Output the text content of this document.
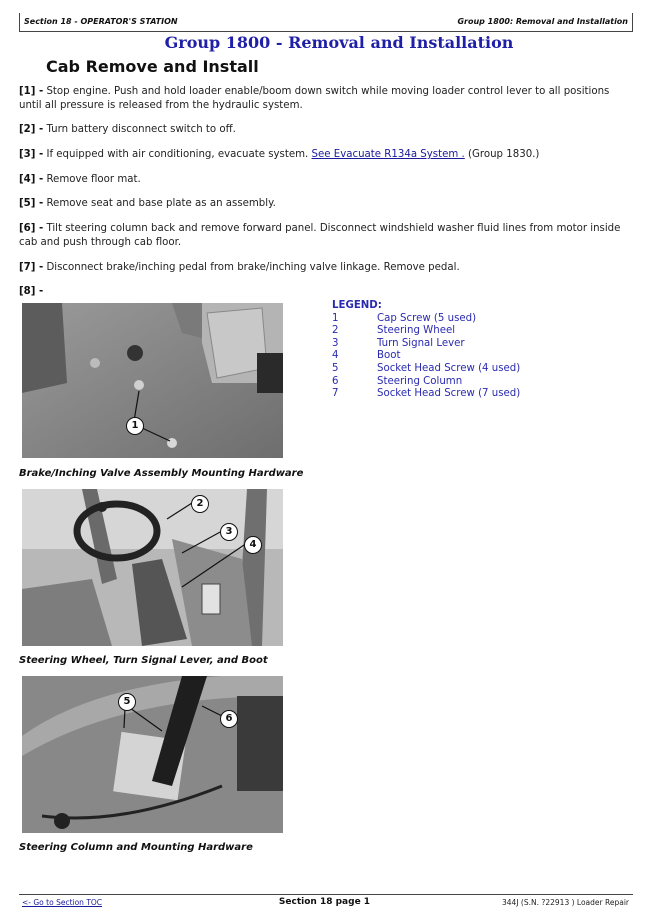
Section 18 - OPERATOR'S STATION	Group 1800: Removal and Installation
Group 1800 - Removal and Installation
Cab Remove and Install
[1] - Stop engine. Push and hold loader enable/boom down switch while moving loader control lever to all positions until all pressure is released from the hydraulic system.
[2] - Turn battery disconnect switch to off.
[3] - If equipped with air conditioning, evacuate system. See Evacuate R134a System . (Group 1830.)
[4] - Remove floor mat.
[5] - Remove seat and base plate as an assembly.
[6] - Tilt steering column back and remove forward panel. Disconnect windshield washer fluid lines from motor inside cab and push through cab floor.
[7] - Disconnect brake/inching pedal from brake/inching valve linkage. Remove pedal.
[8] -
LEGEND:
1	Cap Screw (5 used)
2	Steering Wheel
3	Turn Signal Lever
4	Boot
5	Socket Head Screw (4 used)
6	Steering Column
7	Socket Head Screw (7 used)
1
Brake/Inching Valve Assembly Mounting Hardware
2
3
4
Steering Wheel, Turn Signal Lever, and Boot
5
6
Steering Column and Mounting Hardware
<- Go to Section TOC	Section 18 page 1	344J (S.N. ?22913 ) Loader Repair
